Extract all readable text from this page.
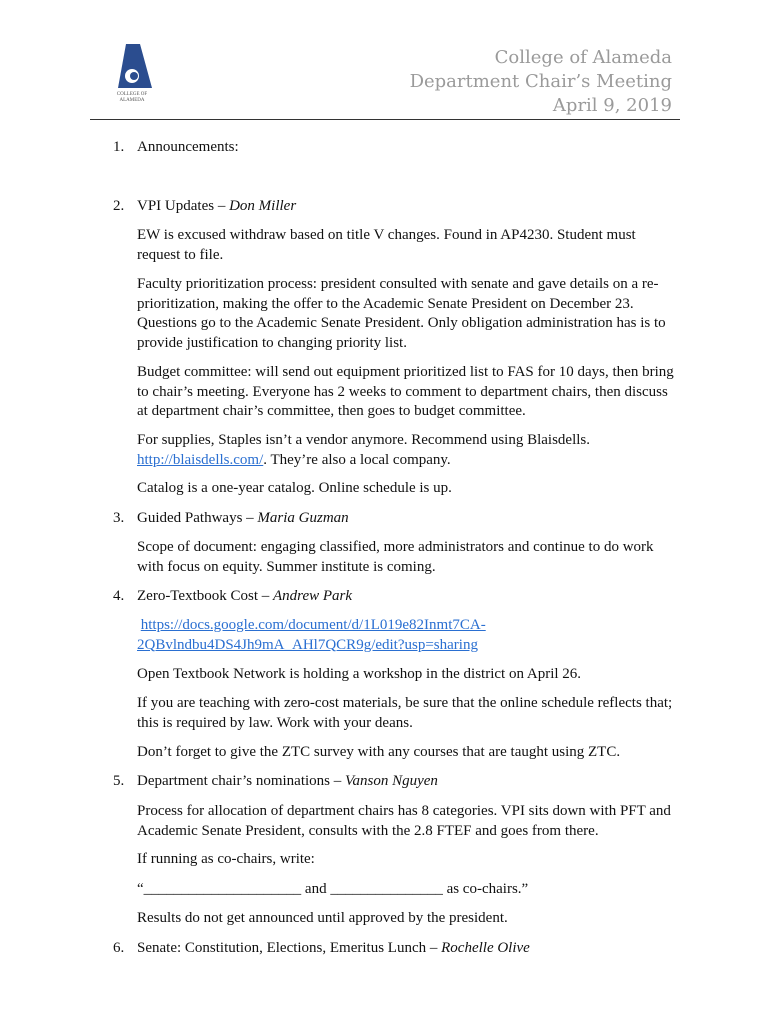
COLLEGE OF
ALAMEDA
College of Alameda
Department Chair’s Meeting
April 9, 2019
1. Announcements:
2. VPI Updates – Don Miller
EW is excused withdraw based on title V changes. Found in AP4230. Student must request to file.
Faculty prioritization process: president consulted with senate and gave details on a re-prioritization, making the offer to the Academic Senate President on December 23. Questions go to the Academic Senate President. Only obligation administration has is to provide justification to changing priority list.
Budget committee: will send out equipment prioritized list to FAS for 10 days, then bring to chair’s meeting. Everyone has 2 weeks to comment to department chairs, then discuss at department chair’s committee, then goes to budget committee.
For supplies, Staples isn’t a vendor anymore. Recommend using Blaisdells.
http://blaisdells.com/. They’re also a local company.
Catalog is a one-year catalog. Online schedule is up.
3. Guided Pathways – Maria Guzman
Scope of document: engaging classified, more administrators and continue to do work with focus on equity. Summer institute is coming.
4. Zero-Textbook Cost – Andrew Park
https://docs.google.com/document/d/1L019e82Inmt7CA-
2QBvlndbu4DS4Jh9mA_AHl7QCR9g/edit?usp=sharing
Open Textbook Network is holding a workshop in the district on April 26.
If you are teaching with zero-cost materials, be sure that the online schedule reflects that; this is required by law. Work with your deans.
Don’t forget to give the ZTC survey with any courses that are taught using ZTC.
5. Department chair’s nominations – Vanson Nguyen
Process for allocation of department chairs has 8 categories. VPI sits down with PFT and Academic Senate President, consults with the 2.8 FTEF and goes from there.
If running as co-chairs, write:
“_____________________ and _______________ as co-chairs.”
Results do not get announced until approved by the president.
6. Senate: Constitution, Elections, Emeritus Lunch – Rochelle Olive
